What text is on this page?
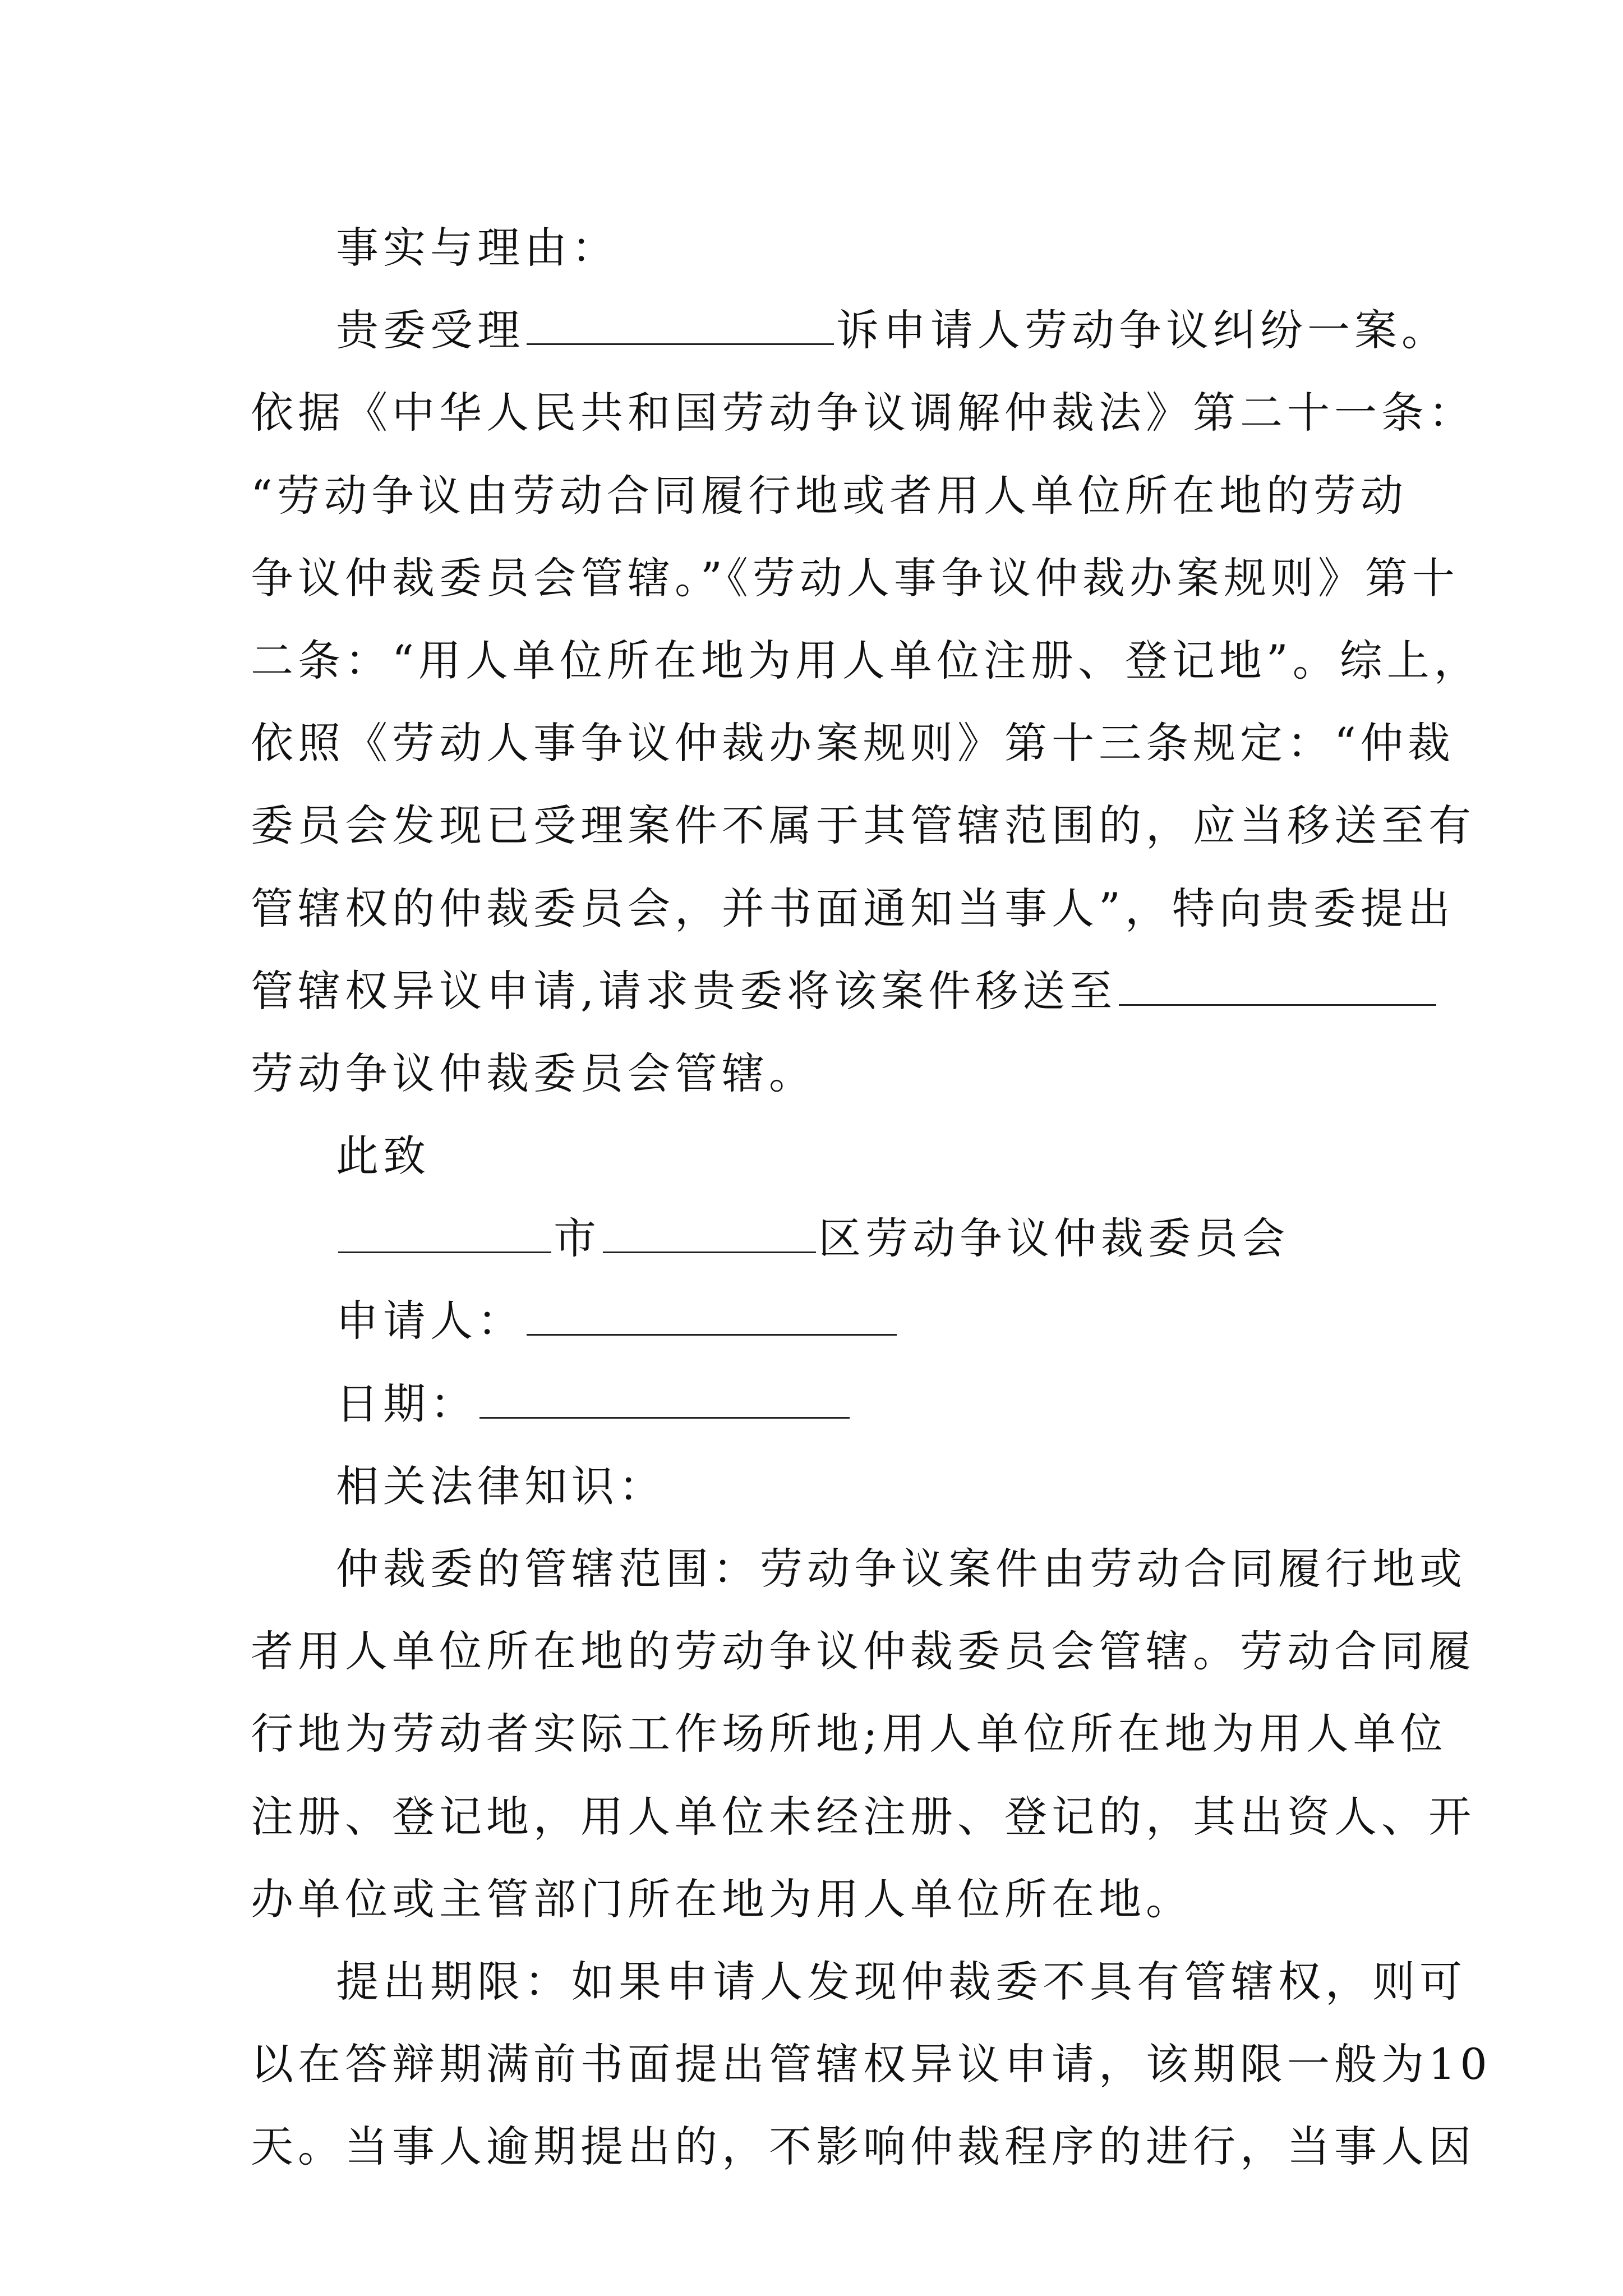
事实与理由：
贵委受理	诉申请人劳动争议纠纷一案。
依据《中华人民共和国劳动争议调解仲裁法》第二十一条：
“劳动争议由劳动合同履行地或者用人单位所在地的劳动
争议仲裁委员会管辖。”《劳动人事争议仲裁办案规则》第十
二条：“用人单位所在地为用人单位注册、登记地”。综上，
依照《劳动人事争议仲裁办案规则》第十三条规定：“仲裁
委员会发现已受理案件不属于其管辖范围的，应当移送至有
管辖权的仲裁委员会，并书面通知当事人”，特向贵委提出
管辖权异议申请,请求贵委将该案件移送至
劳动争议仲裁委员会管辖。
此致
市	区劳动争议仲裁委员会
申请人：
日期：
相关法律知识：
仲裁委的管辖范围：劳动争议案件由劳动合同履行地或
者用人单位所在地的劳动争议仲裁委员会管辖。劳动合同履
行地为劳动者实际工作场所地;用人单位所在地为用人单位
注册、登记地，用人单位未经注册、登记的，其出资人、开
办单位或主管部门所在地为用人单位所在地。
提出期限：如果申请人发现仲裁委不具有管辖权，则可
以在答辩期满前书面提出管辖权异议申请，该期限一般为10
天。当事人逾期提出的，不影响仲裁程序的进行，当事人因
